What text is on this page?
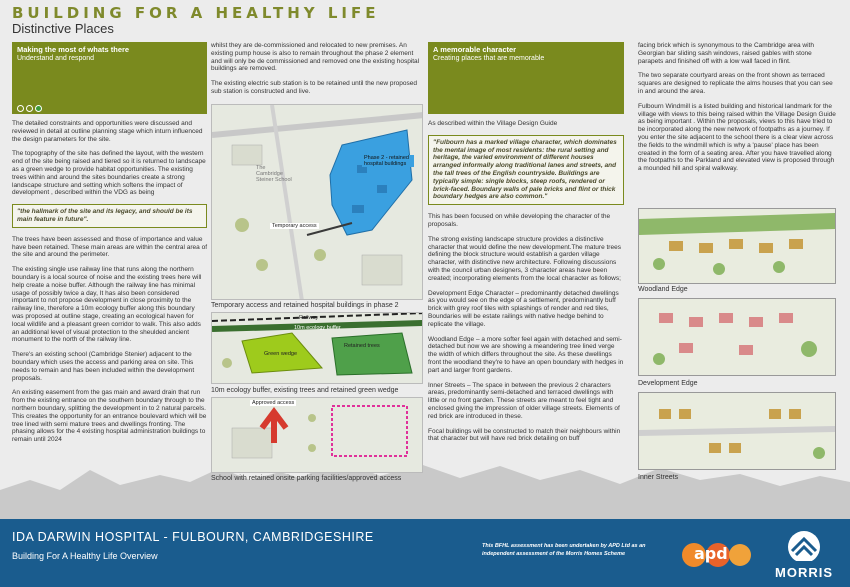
BUILDING FOR A HEALTHY LIFE
Distinctive Places
Making the most of whats there
Understand and respond

The detailed constraints and opportunities were discussed and reviewed in detail at outline planning stage which inturn influenced the design parameters for the site.

The topography of the site has defined the layout, with the western end of the site being raised and tiered so it is returned to landscape as a green wedge to provide habitat opportunities. The existing trees within and around the sites boundaries create a strong landscape structure and setting which softens the impact of development , described within the VDG as being

"the hallmark of the site and its legacy, and should be its main feature in future".

The trees have been assessed and those of importance and value have been retained. These main areas are within the central area of the site and around the perimeter.

The existing single use railway line that runs along the northern boundary is a local source of noise and the existing trees here will help create a noise buffer. Although the railway line has minimal usage of possibly twice a day, It has also been considered important to not propose development in close proximity to the railway line, therefore a 10m ecology buffer along this boundary was proposed at outline stage, creating an ecological haven for local wildlife and a pleasant green corridor to walk. This also adds an additional level of visual protection to the sheulded ancient monument to the north of the railway line.

There's an existing school (Cambridge Stenier) adjacent to the boundary which uses the access and parking area on site. This needs to remain and has been included within the development proposals.

An existing easement from the gas main and award drain that run from the existing entrance on the southern boundary through to the northern boundary, splitting the development in to 2 natural parcels. This creates the opportunity for an entrance boulevard which will be tree lined with semi mature trees and dwellings fronting. The phasing allows for the 4 existing hospital administration buildings to remain until 2024

whilst they are de-commissioned and relocated to new premises. An existing pump house is also to remain throughout the phase 2 element and will only be de commissioned and removed one the existing hospital buildings are removed.

The existing electric sub station is to be retained until the new proposed sub station is constructed and live.

Phase 2 - retained hospital buildings
Temporary access
The Cambridge Steiner School
Temporary access and retained hospital buildings in phase 2
Railway
10m ecology buffer
Green wedge
Retained trees
10m ecology buffer, existing trees and retained green wedge
Approved access
School with retained onsite parking facilities/approved access
A memorable character
Creating places that are memorable

As described within the Village Design Guide

"Fulbourn has a marked village character, which dominates the mental image of most residents: the rural setting and heritage, the varied environment of different houses arranged informally along traditional lanes and streets, and the tall trees of the English countryside. Buildings are typically simple: single blocks, steep roofs, rendered or brick-faced. Boundary walls of pale bricks and flint or thick boundary hedges are also common."

This has been focused on while developing the character of the proposals.

The strong existing landscape structure provides a distinctive character that would define the new development.The mature trees defining the block structure would establish a garden village character, with distinctive new architecture. Following discussions with the council urban designers, 3 character areas have been created; incorporating elements from the local character as follows;

Development Edge Character – predominantly detached dwellings as you would see on the edge of a settlement, predominantly buff brick with grey roof tiles with splashings of render and red tiles, Boundaries will be estate railings with native hedge behind to replicate the village.

Woodland Edge – a more softer feel again with detached and semi-detached but now we are showing a meandering tree lined verge the width of which differs throughout the site. As these dwellings front the woodland they're to have an open boundary with hedges in part and larger front gardens.

Inner Streets – The space in between the previous 2 characters areas, predominantly semi-detached and terraced dwellings with little or no front garden. These streets are meant to feel tight and enclosed giving the impression of older village streets. Elements of red brick are introduced in these.

Focal buildings will be constructed to match their neighbours within that character but will have red brick detailing on buff

facing brick which is synonymous to the Cambridge area with Georgian bar sliding sash windows, raised gables with stone parapets and finished off with a low wall faced in flint.

The two separate courtyard areas on the front shown as terraced squares are designed to replicate the alms houses that you can see in and around the area.

Fulbourn Windmill is a listed building and historical landmark for the village with views to this being raised within the Village Design Guide as being important . Within the proposals, views to this have tried to be incorporated along the new network of footpaths as a journey. If you enter the site adjacent to the school there is a clear view across the fields to the windmill which is why a 'pause' place has been created in the form of a seating area. After you have travelled along the footpaths to the Parkland and elevated view is proposed through a mounded hill and spiral walkway.

Woodland Edge
Development Edge
Inner Streets
IDA DARWIN HOSPITAL - FULBOURN, CAMBRIDGESHIRE
Building For A Healthy Life Overview
This BFHL assessment has been undertaken by APD Ltd as an
independent assessment of the Morris Homes Scheme	apd
MORRIS
